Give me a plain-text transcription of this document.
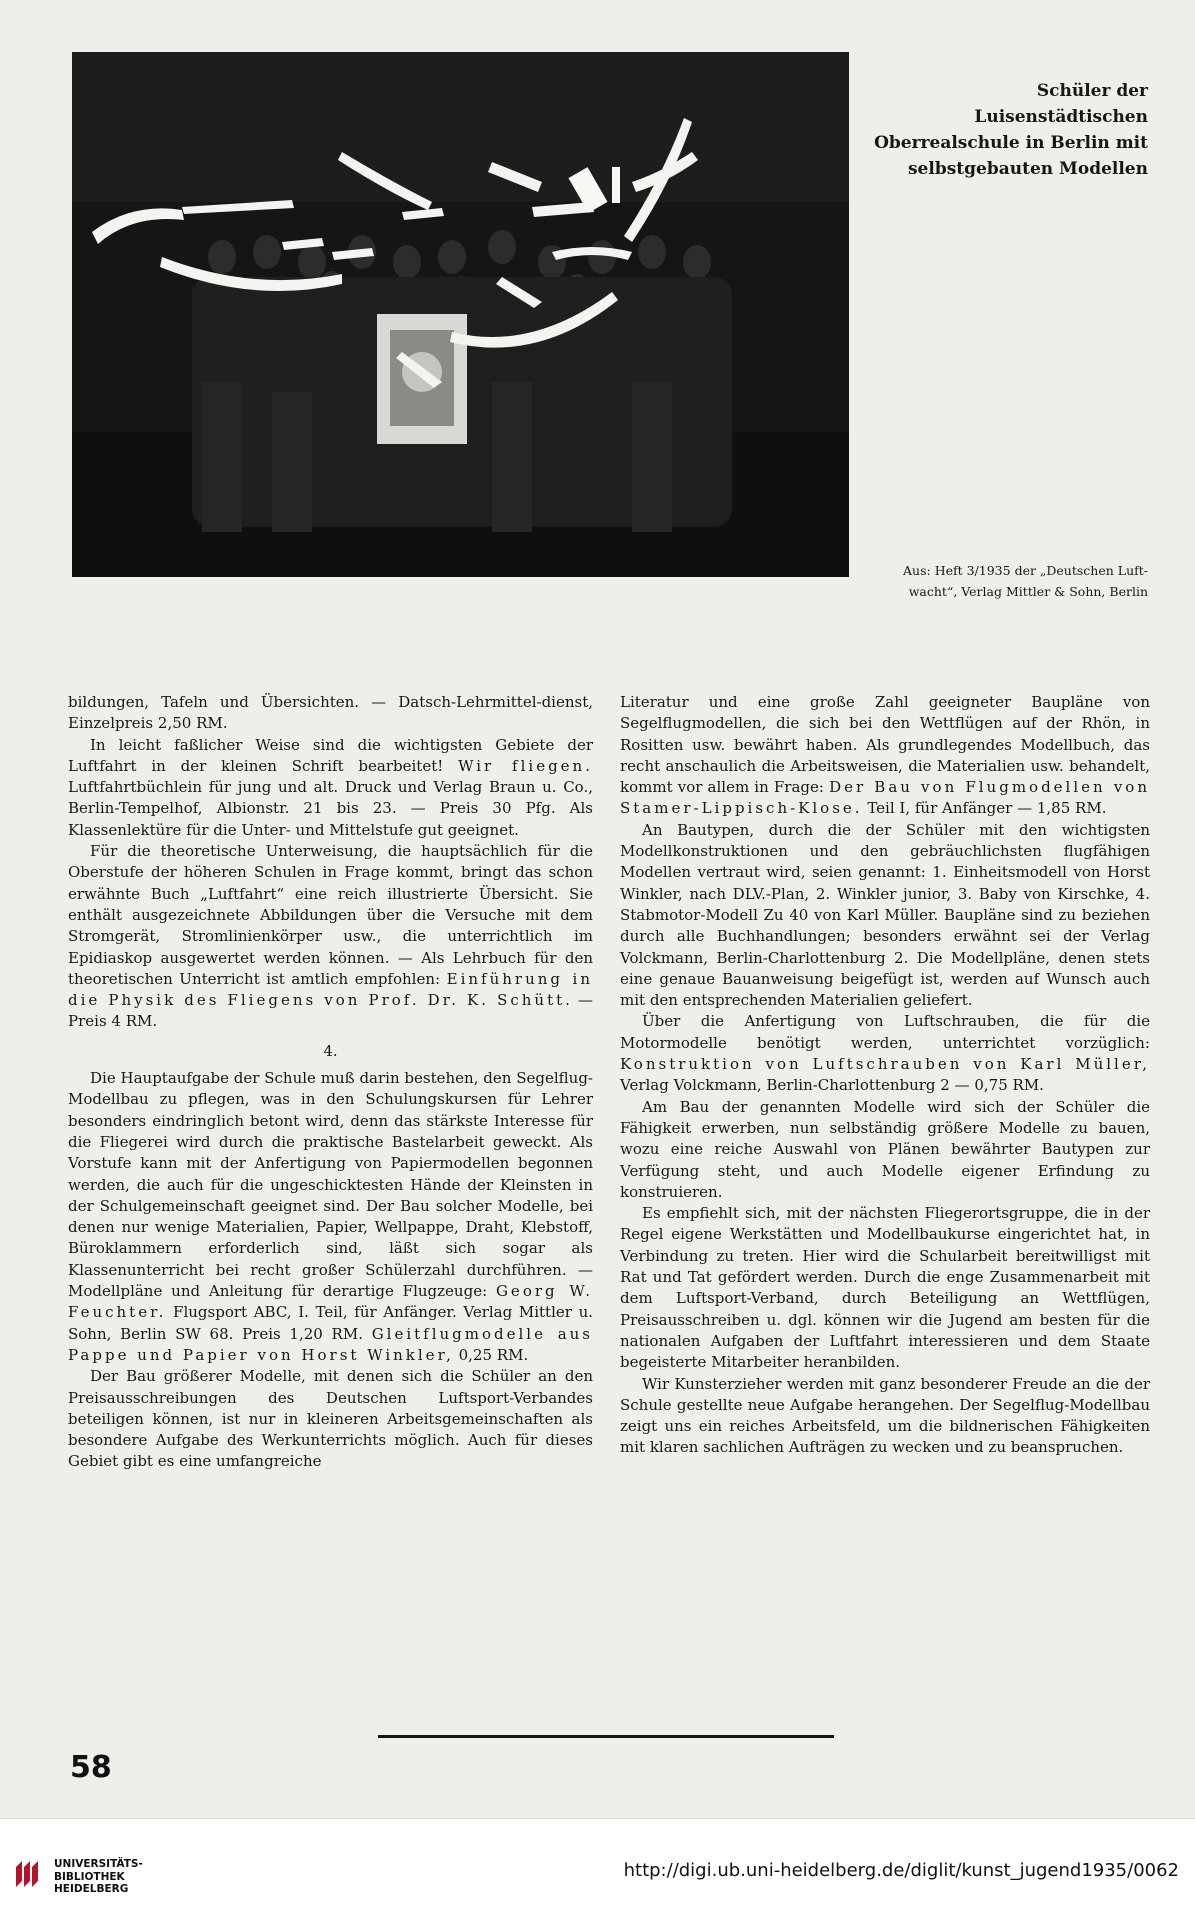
Schüler der Luisenstädtischen
Oberrealschule in Berlin mit
selbstgebauten Modellen
Aus: Heft 3/1935 der „Deutschen Luft-
wacht“, Verlag Mittler & Sohn, Berlin

bildungen, Tafeln und Übersichten. — Datsch-Lehrmittel-dienst, Einzelpreis 2,50 RM.

In leicht faßlicher Weise sind die wichtigsten Gebiete der Luftfahrt in der kleinen Schrift bearbeitet! Wir fliegen. Luftfahrtbüchlein für jung und alt. Druck und Verlag Braun u. Co., Berlin-Tempelhof, Albionstr. 21 bis 23. — Preis 30 Pfg. Als Klassenlektüre für die Unter- und Mittelstufe gut geeignet.

Für die theoretische Unterweisung, die hauptsächlich für die Oberstufe der höheren Schulen in Frage kommt, bringt das schon erwähnte Buch „Luftfahrt“ eine reich illustrierte Übersicht. Sie enthält ausgezeichnete Abbildungen über die Versuche mit dem Stromgerät, Stromlinienkörper usw., die unterrichtlich im Epidiaskop ausgewertet werden können. — Als Lehrbuch für den theoretischen Unterricht ist amtlich empfohlen: Einführung in die Physik des Fliegens von Prof. Dr. K. Schütt. — Preis 4 RM.

4.

Die Hauptaufgabe der Schule muß darin bestehen, den Segelflug-Modellbau zu pflegen, was in den Schulungskursen für Lehrer besonders eindringlich betont wird, denn das stärkste Interesse für die Fliegerei wird durch die praktische Bastelarbeit geweckt. Als Vorstufe kann mit der Anfertigung von Papiermodellen begonnen werden, die auch für die ungeschicktesten Hände der Kleinsten in der Schulgemeinschaft geeignet sind. Der Bau solcher Modelle, bei denen nur wenige Materialien, Papier, Wellpappe, Draht, Klebstoff, Büroklammern erforderlich sind, läßt sich sogar als Klassenunterricht bei recht großer Schülerzahl durchführen. — Modellpläne und Anleitung für derartige Flugzeuge: Georg W. Feuchter. Flugsport ABC, I. Teil, für Anfänger. Verlag Mittler u. Sohn, Berlin SW 68. Preis 1,20 RM. Gleitflugmodelle aus Pappe und Papier von Horst Winkler, 0,25 RM.

Der Bau größerer Modelle, mit denen sich die Schüler an den Preisausschreibungen des Deutschen Luftsport-Verbandes beteiligen können, ist nur in kleineren Arbeitsgemeinschaften als besondere Aufgabe des Werkunterrichts möglich. Auch für dieses Gebiet gibt es eine umfangreiche

Literatur und eine große Zahl geeigneter Baupläne von Segelflugmodellen, die sich bei den Wettflügen auf der Rhön, in Rositten usw. bewährt haben. Als grundlegendes Modellbuch, das recht anschaulich die Arbeitsweisen, die Materialien usw. behandelt, kommt vor allem in Frage: Der Bau von Flugmodellen von Stamer-Lippisch-Klose. Teil I, für Anfänger — 1,85 RM.

An Bautypen, durch die der Schüler mit den wichtigsten Modellkonstruktionen und den gebräuchlichsten flugfähigen Modellen vertraut wird, seien genannt: 1. Einheitsmodell von Horst Winkler, nach DLV.-Plan, 2. Winkler junior, 3. Baby von Kirschke, 4. Stabmotor-Modell Zu 40 von Karl Müller. Baupläne sind zu beziehen durch alle Buchhandlungen; besonders erwähnt sei der Verlag Volckmann, Berlin-Charlottenburg 2. Die Modellpläne, denen stets eine genaue Bauanweisung beigefügt ist, werden auf Wunsch auch mit den entsprechenden Materialien geliefert.

Über die Anfertigung von Luftschrauben, die für die Motormodelle benötigt werden, unterrichtet vorzüglich: Konstruktion von Luftschrauben von Karl Müller, Verlag Volckmann, Berlin-Charlottenburg 2 — 0,75 RM.

Am Bau der genannten Modelle wird sich der Schüler die Fähigkeit erwerben, nun selbständig größere Modelle zu bauen, wozu eine reiche Auswahl von Plänen bewährter Bautypen zur Verfügung steht, und auch Modelle eigener Erfindung zu konstruieren.

Es empfiehlt sich, mit der nächsten Fliegerortsgruppe, die in der Regel eigene Werkstätten und Modellbaukurse eingerichtet hat, in Verbindung zu treten. Hier wird die Schularbeit bereitwilligst mit Rat und Tat gefördert werden. Durch die enge Zusammenarbeit mit dem Luftsport-Verband, durch Beteiligung an Wettflügen, Preisausschreiben u. dgl. können wir die Jugend am besten für die nationalen Aufgaben der Luftfahrt interessieren und dem Staate begeisterte Mitarbeiter heranbilden.

Wir Kunsterzieher werden mit ganz besonderer Freude an die der Schule gestellte neue Aufgabe herangehen. Der Segelflug-Modellbau zeigt uns ein reiches Arbeitsfeld, um die bildnerischen Fähigkeiten mit klaren sachlichen Aufträgen zu wecken und zu beanspruchen.

58
UNIVERSITÄTS-
BIBLIOTHEK
HEIDELBERG
http://digi.ub.uni-heidelberg.de/diglit/kunst_jugend1935/0062
